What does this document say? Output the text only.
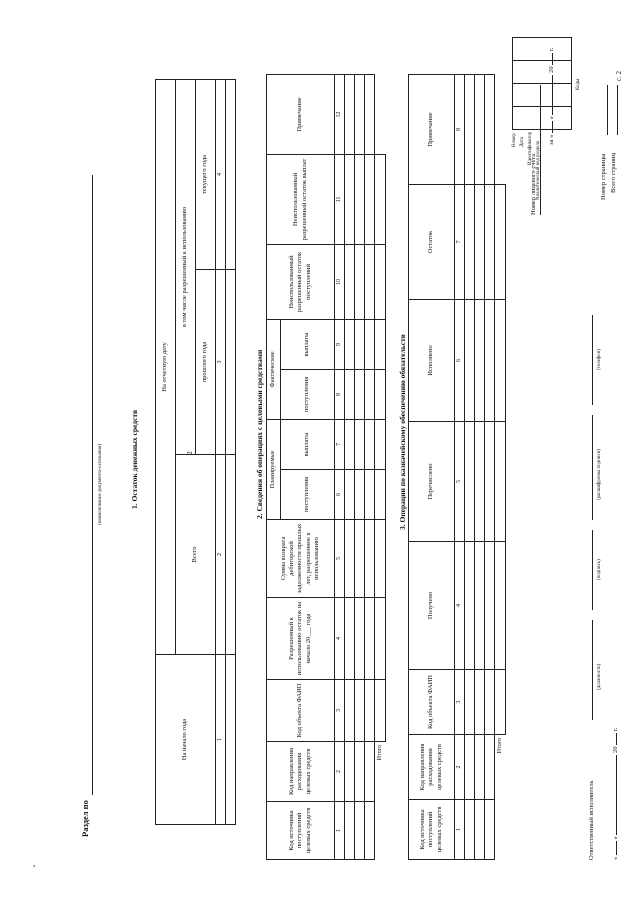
,
с. 2
2
Раздел по
(наименование документа-основания)
Номер лицевого счета
за «  »  20  г.
Номер Дата Идентификатор Аналитический код раздела

Коды
1. Остаток денежных средств
На начало года	На отчетную дату		
	Всего	в том числе разрешенный к использованию	
		прошлого года	текущего года
1	2	3	4

2. Сведения об операциях с целевыми средствами
Код источника поступлений целевых средств	Код направления расходования целевых средств	Код объекта ФАИП	Разрешенный к использованию остаток на начало 20___ года	Сумма возврата дебиторской задолженности прошлых лет, разрешенное к использованию	Планируемые		Фактические		Неиспользованный разрешенный остаток поступлений	Неиспользованный разрешенный остаток выплат	Примечание
					поступления	выплаты	поступления	выплаты			
1	2	3	4	5	6	7	8	9	10	11	12

Итого											
3. Операции по казначейскому обеспечению обязательств
Код источника поступлений целевых средств	Код направления расходования целевых средств	Код объекта ФАИП	Получено	Перечислено	Исполнено	Остаток	Примечание
1	2	3	4	5	6	7	8

Итого							
Ответственный исполнитель
(должность)
(подпись)
(расшифровка подписи)
(телефон)
«  »  20  г.
Номер страницы Всего страниц
